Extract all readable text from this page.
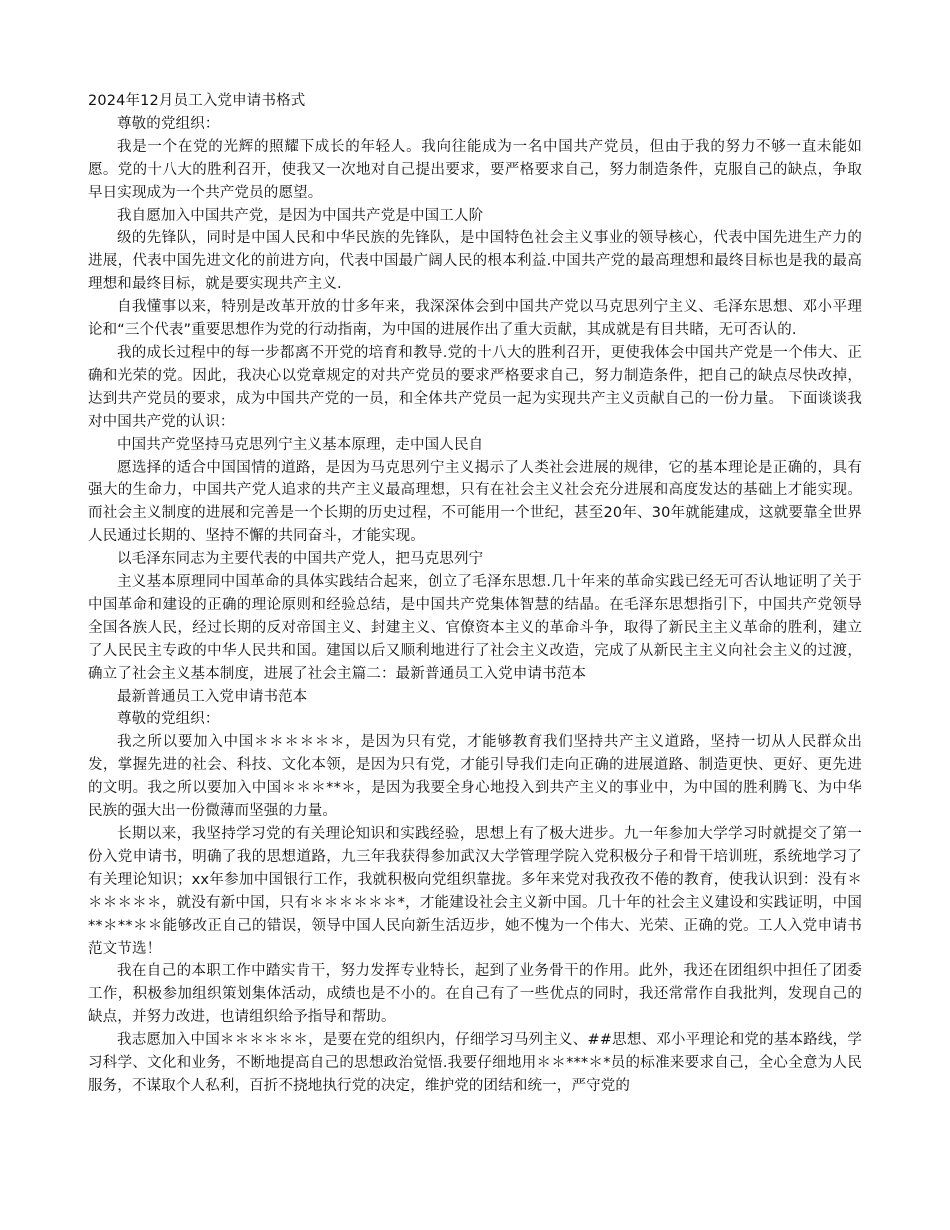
2024年12月员工入党申请书格式

尊敬的党组织：

我是一个在党的光辉的照耀下成长的年轻人。我向往能成为一名中国共产党员，但由于我的努力不够一直未能如愿。党的十八大的胜利召开，使我又一次地对自己提出要求，要严格要求自己，努力制造条件，克服自己的缺点，争取早日实现成为一个共产党员的愿望。

我自愿加入中国共产党，是因为中国共产党是中国工人阶

级的先锋队，同时是中国人民和中华民族的先锋队，是中国特色社会主义事业的领导核心，代表中国先进生产力的进展，代表中国先进文化的前进方向，代表中国最广阔人民的根本利益.中国共产党的最高理想和最终目标也是我的最高理想和最终目标，就是要实现共产主义.

自我懂事以来，特别是改革开放的廿多年来，我深深体会到中国共产党以马克思列宁主义、毛泽东思想、邓小平理论和“三个代表”重要思想作为党的行动指南，为中国的进展作出了重大贡献，其成就是有目共睹，无可否认的.

我的成长过程中的每一步都离不开党的培育和教导.党的十八大的胜利召开，更使我体会中国共产党是一个伟大、正确和光荣的党。因此，我决心以党章规定的对共产党员的要求严格要求自己，努力制造条件，把自己的缺点尽快改掉，达到共产党员的要求，成为中国共产党的一员，和全体共产党员一起为实现共产主义贡献自己的一份力量。 下面谈谈我对中国共产党的认识：

中国共产党坚持马克思列宁主义基本原理，走中国人民自

愿选择的适合中国国情的道路，是因为马克思列宁主义揭示了人类社会进展的规律，它的基本理论是正确的，具有强大的生命力，中国共产党人追求的共产主义最高理想，只有在社会主义社会充分进展和高度发达的基础上才能实现。而社会主义制度的进展和完善是一个长期的历史过程，不可能用一个世纪，甚至20年、30年就能建成，这就要靠全世界人民通过长期的、坚持不懈的共同奋斗，才能实现。

以毛泽东同志为主要代表的中国共产党人，把马克思列宁

主义基本原理同中国革命的具体实践结合起来，创立了毛泽东思想.几十年来的革命实践已经无可否认地证明了关于中国革命和建设的正确的理论原则和经验总结，是中国共产党集体智慧的结晶。在毛泽东思想指引下，中国共产党领导全国各族人民，经过长期的反对帝国主义、封建主义、官僚资本主义的革命斗争，取得了新民主主义革命的胜利，建立了人民民主专政的中华人民共和国。建国以后又顺利地进行了社会主义改造，完成了从新民主主义向社会主义的过渡，确立了社会主义基本制度，进展了社会主篇二：最新普通员工入党申请书范本

最新普通员工入党申请书范本

尊敬的党组织：

我之所以要加入中国＊＊＊＊＊＊，是因为只有党，才能够教育我们坚持共产主义道路，坚持一切从人民群众出发，掌握先进的社会、科技、文化本领，是因为只有党，才能引导我们走向正确的进展道路、制造更快、更好、更先进的文明。我之所以要加入中国＊＊＊**＊，是因为我要全身心地投入到共产主义的事业中，为中国的胜利腾飞、为中华民族的强大出一份微薄而坚强的力量。

长期以来，我坚持学习党的有关理论知识和实践经验，思想上有了极大进步。九一年参加大学学习时就提交了第一份入党申请书，明确了我的思想道路，九三年我获得参加武汉大学管理学院入党积极分子和骨干培训班，系统地学习了有关理论知识；xx年参加中国银行工作，我就积极向党组织靠拢。多年来党对我孜孜不倦的教育，使我认识到：没有＊＊＊＊＊＊，就没有新中国，只有＊＊＊＊＊＊*，才能建设社会主义新中国。几十年的社会主义建设和实践证明，中国**＊**＊＊能够改正自己的错误，领导中国人民向新生活迈步，她不愧为一个伟大、光荣、正确的党。工人入党申请书范文节选！

我在自己的本职工作中踏实肯干，努力发挥专业特长，起到了业务骨干的作用。此外，我还在团组织中担任了团委工作，积极参加组织策划集体活动，成绩也是不小的。在自己有了一些优点的同时，我还常常作自我批判，发现自己的缺点，并努力改进，也请组织给予指导和帮助。

我志愿加入中国＊＊＊＊＊＊，是要在党的组织内，仔细学习马列主义、##思想、邓小平理论和党的基本路线，学习科学、文化和业务，不断地提高自己的思想政治觉悟.我要仔细地用＊＊***＊*员的标准来要求自己，全心全意为人民服务，不谋取个人私利，百折不挠地执行党的决定，维护党的团结和统一，严守党的
